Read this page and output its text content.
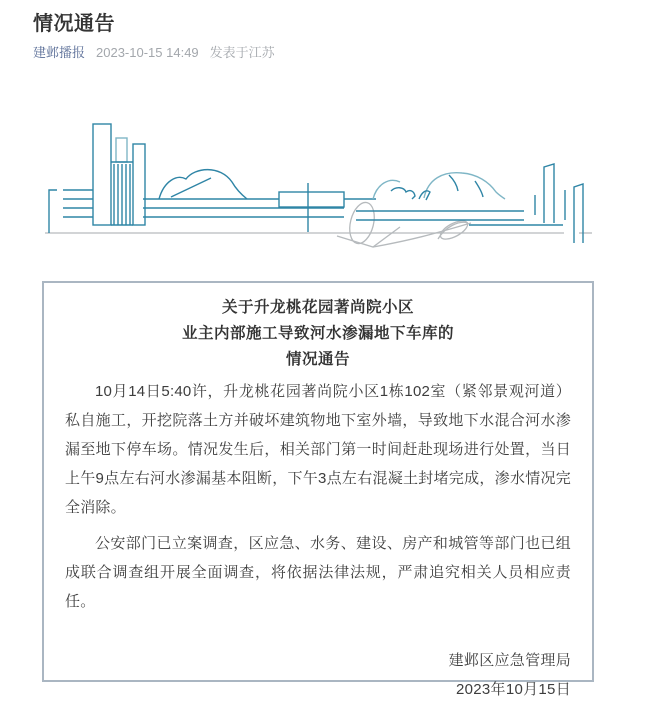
情况通告
建邺播报 2023-10-15 14:49 发表于江苏
关于升龙桃花园著尚院小区
业主内部施工导致河水渗漏地下车库的
情况通告

10月14日5:40许，升龙桃花园著尚院小区1栋102室（紧邻景观河道）私自施工，开挖院落土方并破坏建筑物地下室外墙，导致地下水混合河水渗漏至地下停车场。情况发生后，相关部门第一时间赶赴现场进行处置，当日上午9点左右河水渗漏基本阻断，下午3点左右混凝土封堵完成，渗水情况完全消除。

公安部门已立案调查，区应急、水务、建设、房产和城管等部门也已组成联合调查组开展全面调查，将依据法律法规，严肃追究相关人员相应责任。

建邺区应急管理局
2023年10月15日
